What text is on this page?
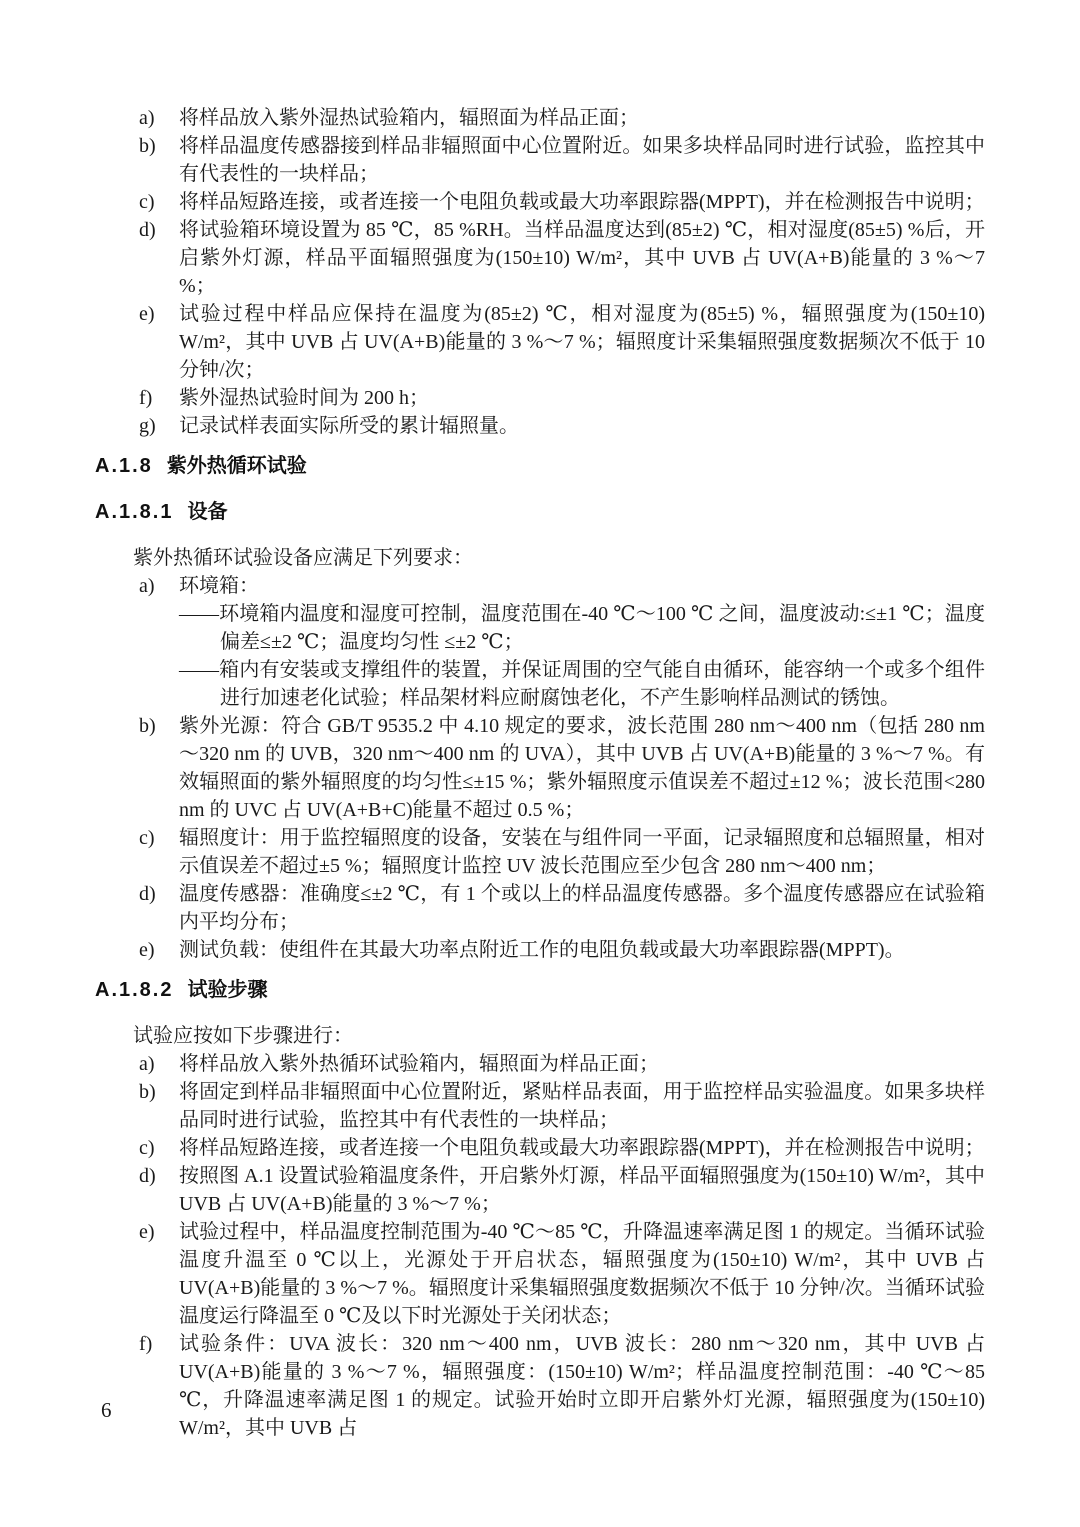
a)	将样品放入紫外湿热试验箱内，辐照面为样品正面；
b)	将样品温度传感器接到样品非辐照面中心位置附近。如果多块样品同时进行试验，监控其中有代表性的一块样品；
c)	将样品短路连接，或者连接一个电阻负载或最大功率跟踪器(MPPT)，并在检测报告中说明；
d)	将试验箱环境设置为 85 ℃，85 %RH。当样品温度达到(85±2) ℃，相对湿度(85±5) %后，开启紫外灯源，样品平面辐照强度为(150±10) W/m²，其中 UVB 占 UV(A+B)能量的 3 %～7 %；
e)	试验过程中样品应保持在温度为(85±2) ℃，相对湿度为(85±5) %，辐照强度为(150±10) W/m²，其中 UVB 占 UV(A+B)能量的 3 %～7 %；辐照度计采集辐照强度数据频次不低于 10 分钟/次；
f)	紫外湿热试验时间为 200 h；
g)	记录试样表面实际所受的累计辐照量。
A.1.8 紫外热循环试验
A.1.8.1 设备

紫外热循环试验设备应满足下列要求：

a)	环境箱：
——环境箱内温度和湿度可控制，温度范围在-40 ℃～100 ℃ 之间，温度波动:≤±1 ℃；温度偏差≤±2 ℃；温度均匀性 ≤±2 ℃；
——箱内有安装或支撑组件的装置，并保证周围的空气能自由循环，能容纳一个或多个组件进行加速老化试验；样品架材料应耐腐蚀老化，不产生影响样品测试的锈蚀。
b)	紫外光源：符合 GB/T 9535.2 中 4.10 规定的要求，波长范围 280 nm～400 nm（包括 280 nm～320 nm 的 UVB，320 nm～400 nm 的 UVA），其中 UVB 占 UV(A+B)能量的 3 %～7 %。有效辐照面的紫外辐照度的均匀性≤±15 %；紫外辐照度示值误差不超过±12 %；波长范围<280 nm 的 UVC 占 UV(A+B+C)能量不超过 0.5 %；
c)	辐照度计：用于监控辐照度的设备，安装在与组件同一平面，记录辐照度和总辐照量，相对示值误差不超过±5 %；辐照度计监控 UV 波长范围应至少包含 280 nm～400 nm；
d)	温度传感器：准确度≤±2 ℃，有 1 个或以上的样品温度传感器。多个温度传感器应在试验箱内平均分布；
e)	测试负载：使组件在其最大功率点附近工作的电阻负载或最大功率跟踪器(MPPT)。
A.1.8.2 试验步骤

试验应按如下步骤进行：

a)	将样品放入紫外热循环试验箱内，辐照面为样品正面；
b)	将固定到样品非辐照面中心位置附近，紧贴样品表面，用于监控样品实验温度。如果多块样品同时进行试验，监控其中有代表性的一块样品；
c)	将样品短路连接，或者连接一个电阻负载或最大功率跟踪器(MPPT)，并在检测报告中说明；
d)	按照图 A.1 设置试验箱温度条件，开启紫外灯源，样品平面辐照强度为(150±10) W/m²，其中 UVB 占 UV(A+B)能量的 3 %～7 %；
e)	试验过程中，样品温度控制范围为-40 ℃～85 ℃，升降温速率满足图 1 的规定。当循环试验温度升温至 0 ℃以上，光源处于开启状态，辐照强度为(150±10) W/m²，其中 UVB 占 UV(A+B)能量的 3 %～7 %。辐照度计采集辐照强度数据频次不低于 10 分钟/次。当循环试验温度运行降温至 0 ℃及以下时光源处于关闭状态；
f)	试验条件：UVA 波长：320 nm～400 nm，UVB 波长：280 nm～320 nm，其中 UVB 占 UV(A+B)能量的 3 %～7 %，辐照强度：(150±10) W/m²；样品温度控制范围：-40 ℃～85 ℃，升降温速率满足图 1 的规定。试验开始时立即开启紫外灯光源，辐照强度为(150±10) W/m²，其中 UVB 占
6
